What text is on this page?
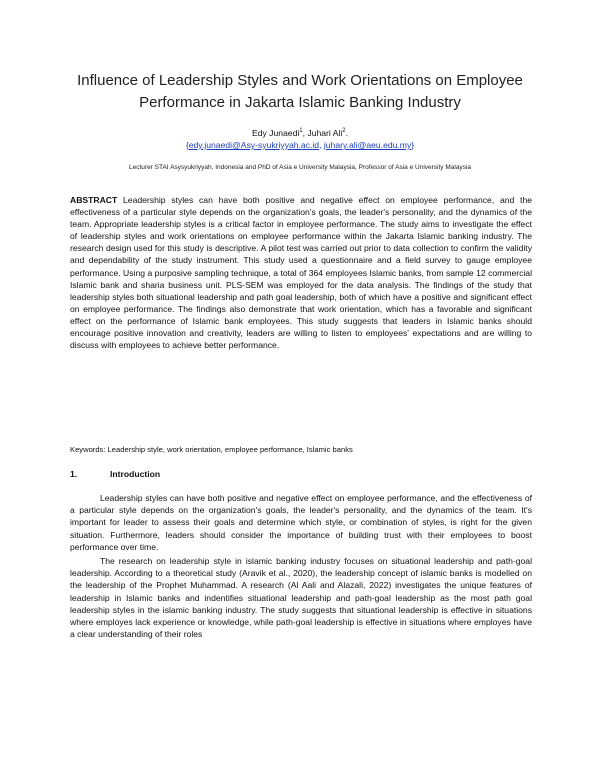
Influence of Leadership Styles and Work Orientations on Employee Performance in Jakarta Islamic Banking Industry
Edy Junaedi$^1$, Juhari Ali$^2$.
{edy.junaedi@Asy-syukriyyah.ac.id, juhary.ali@aeu.edu.my}
Lecturer STAI Asysyukriyyah, Indonesia and PhD of Asia e University Malaysia, Professor of Asia e University Malaysia
ABSTRACT Leadership styles can have both positive and negative effect on employee performance, and the effectiveness of a particular style depends on the organization's goals, the leader's personality, and the dynamics of the team. Appropriate leadership styles is a critical factor in employee performance. The study aims to investigate the effect of leadership styles and work orientations on employee performance within the Jakarta Islamic banking industry. The research design used for this study is descriptive. A pilot test was carried out prior to data collection to confirm the validity and dependability of the study instrument. This study used a questionnaire and a field survey to gauge employee performance. Using a purposive sampling technique, a total of 364 employees Islamic banks, from sample 12 commercial Islamic bank and sharia business unit. PLS-SEM was employed for the data analysis. The findings of the study that leadership styles both situational leadership and path goal leadership, both of which have a positive and significant effect on employee performance. The findings also demonstrate that work orientation, which has a favorable and significant effect on the performance of Islamic bank employees. This study suggests that leaders in Islamic banks should encourage positive innovation and creativity, leaders are willing to listen to employees' expectations and are willing to discuss with employees to achieve better performance.
Keywords: Leadership style, work orientation, employee performance, Islamic banks
1.	Introduction

Leadership styles can have both positive and negative effect on employee performance, and the effectiveness of a particular style depends on the organization's goals, the leader's personality, and the dynamics of the team. It's important for leader to assess their goals and determine which style, or combination of styles, is right for the given situation. Furthermore, leaders should consider the importance of building trust with their employees to boost performance over time.

The research on leadership style in islamic banking industry focuses on situational leadership and path-goal leadership. According to a theoretical study (Aravik et al., 2020), the leadership concept of islamic banks is modelled on the leadership of the Prophet Muhammad. A research (Al Aali and Alazali, 2022) investigates the unique features of leadership in Islamic banks and indentifies situational leadership and path-goal leadership as the most path goal leadership styles in the islamic banking industry. The study suggests that situational leadership is effective in situations where employes lack experience or knowledge, while path-goal leadership is effective in situations where employes have a clear understanding of their roles
